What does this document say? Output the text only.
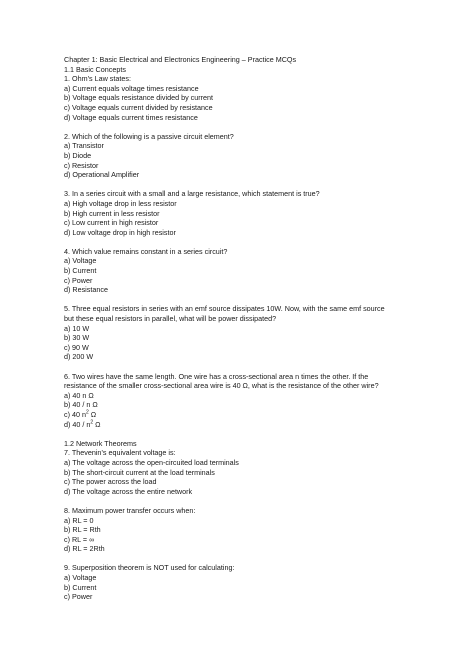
Chapter 1: Basic Electrical and Electronics Engineering – Practice MCQs
1.1 Basic Concepts
1. Ohm’s Law states:
a) Current equals voltage times resistance
b) Voltage equals resistance divided by current
c) Voltage equals current divided by resistance
d) Voltage equals current times resistance
2. Which of the following is a passive circuit element?
a) Transistor
b) Diode
c) Resistor
d) Operational Amplifier
3. In a series circuit with a small and a large resistance, which statement is true?
a) High voltage drop in less resistor
b) High current in less resistor
c) Low current in high resistor
d) Low voltage drop in high resistor
4. Which value remains constant in a series circuit?
a) Voltage
b) Current
c) Power
d) Resistance
5. Three equal resistors in series with an emf source dissipates 10W. Now, with the same emf source
but these equal resistors in parallel, what will be power dissipated?
a) 10 W
b) 30 W
c) 90 W
d) 200 W
6. Two wires have the same length. One wire has a cross-sectional area n times the other. If the
resistance of the smaller cross-sectional area wire is 40 Ω, what is the resistance of the other wire?
a) 40 n Ω
b) 40 / n Ω
c) 40 $n^2$ Ω
d) $40 / n^2$ Ω
1.2 Network Theorems
7. Thevenin’s equivalent voltage is:
a) The voltage across the open-circuited load terminals
b) The short-circuit current at the load terminals
c) The power across the load
d) The voltage across the entire network
8. Maximum power transfer occurs when:
a) RL = 0
b) RL = Rth
c) RL = ∞
d) RL = 2Rth
9. Superposition theorem is NOT used for calculating:
a) Voltage
b) Current
c) Power
